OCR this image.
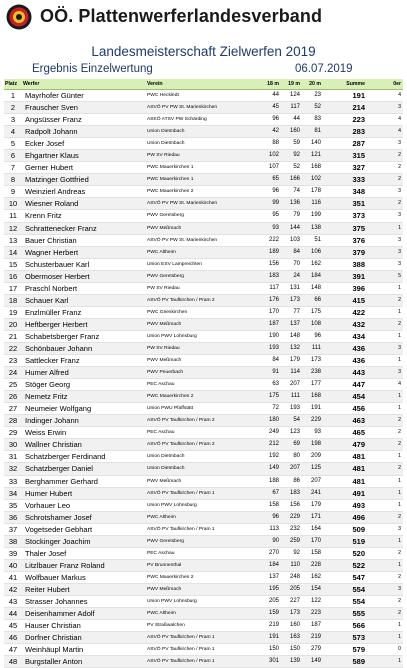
OÖ. Plattenwerferlandesverband
Landesmeisterschaft Zielwerfen 2019
Ergebnis Einzelwertung	06.07.2019
Platz	Werfer	Verein	18 m	19 m	20 m	Summe	0er
1	Mayrhofer Günter	PWC Heckledt	44	124	23	191	4
2	Frauscher Sven	ASVÖ PV PW St. Marienkirchen	45	117	52	214	3
3	Angsüsser Franz	ASKÖ ATSV PW Schärding	96	44	83	223	4
4	Radpolt Johann	Union Dietmbach	42	160	81	283	4
5	Ecker Josef	Union Dietmbach	88	59	140	287	3
6	Ehgartner Klaus	PW SV Riedau	102	92	121	315	2
7	Gerner Hubert	PWC Mauerkirchen 1	107	52	168	327	2
8	Matzinger Gottfried	PWC Mauerkirchen 1	65	166	102	333	2
9	Weinzierl Andreas	PWC Mauerkirchen 2	96	74	178	348	3
10	Wiesner Roland	ASVÖ PV PW St. Marienkirchen	99	136	116	351	2
11	Krenn Fritz	PWV Geretsberg	95	79	199	373	3
12	Schrattenecker Franz	PWV Meßmach	93	144	138	375	1
13	Bauer Christian	ASVÖ PV PW St. Marienkirchen	222	103	51	376	3
14	Wagner Herbert	PWC Altheim	189	84	106	379	3
15	Schusterbauer Karl	Union ESV Lampreichten	156	70	162	388	3
16	Obermoser Herbert	PWV Geretsberg	183	24	184	391	5
17	Praschl Norbert	PW SV Riedau	117	131	148	396	1
18	Schauer Karl	ASVÖ PV Taufkirchen / Pram 2	176	173	66	415	2
19	Enzlmüller Franz	PWC Grieskirchen	170	77	175	422	1
20	Heftberger Herbert	PWV Meßmach	187	137	108	432	2
21	Schabetsberger Franz	Union PWV Lohnsburg	190	148	96	434	1
22	Schönbauer Johann	PW SV Riedau	193	132	111	436	3
23	Sattlecker Franz	PWV Meßmach	84	179	173	436	1
24	Humer Alfred	PWV Peuerbach	91	114	238	443	3
25	Stöger Georg	PEC Aschau	63	207	177	447	4
26	Nemetz Fritz	PWC Mauerkirchen 2	175	111	168	454	1
27	Neumeier Wolfgang	Union PWU Pfaffstätt	72	193	191	456	1
28	Indinger Johann	ASVÖ PV Taufkirchen / Pram 2	180	54	229	463	2
29	Weiss Erwin	PEC Aschau	249	123	93	465	2
30	Wallner Christian	ASVÖ PV Taufkirchen / Pram 2	212	69	198	479	2
31	Schatzberger Ferdinand	Union Dietmbach	192	80	209	481	1
32	Schatzberger Daniel	Union Dietmbach	149	207	125	481	2
33	Berghammer Gerhard	PWV Meßmach	188	86	207	481	1
34	Humer Hubert	ASVÖ PV Taufkirchen / Pram 1	67	183	241	491	1
35	Vorhauer Leo	Union PWV Lohnsburg	158	156	179	493	1
36	Schrotshamer Josef	PWC Altheim	96	229	171	496	2
37	Vogetseder Gebhart	ASVÖ PV Taufkirchen / Pram 1	113	232	164	509	3
38	Stockinger Joachim	PWV Geretsberg	90	259	170	519	1
39	Thaler Josef	PEC Aschau	270	92	158	520	2
40	Litzlbauer Franz Roland	PV Brunnenthal	184	110	228	522	1
41	Wolfbauer Markus	PWC Mauerkirchen 2	137	248	162	547	2
42	Reiter Hubert	PWV Meßmach	195	205	154	554	3
43	Strasser Johannes	Union PWV Lohnsburg	205	227	122	554	2
44	Deisenhammer Adolf	PWC Altheim	159	173	223	555	2
45	Hauser Christian	PV Straßwalchen	219	160	187	566	1
46	Dorfner Christian	ASVÖ PV Taufkirchen / Pram 1	191	163	219	573	1
47	Weinhäupl Martin	ASVÖ PV Taufkirchen / Pram 1	150	150	279	579	0
48	Burgstaller Anton	ASVÖ PV Taufkirchen / Pram 1	301	139	149	589	1
